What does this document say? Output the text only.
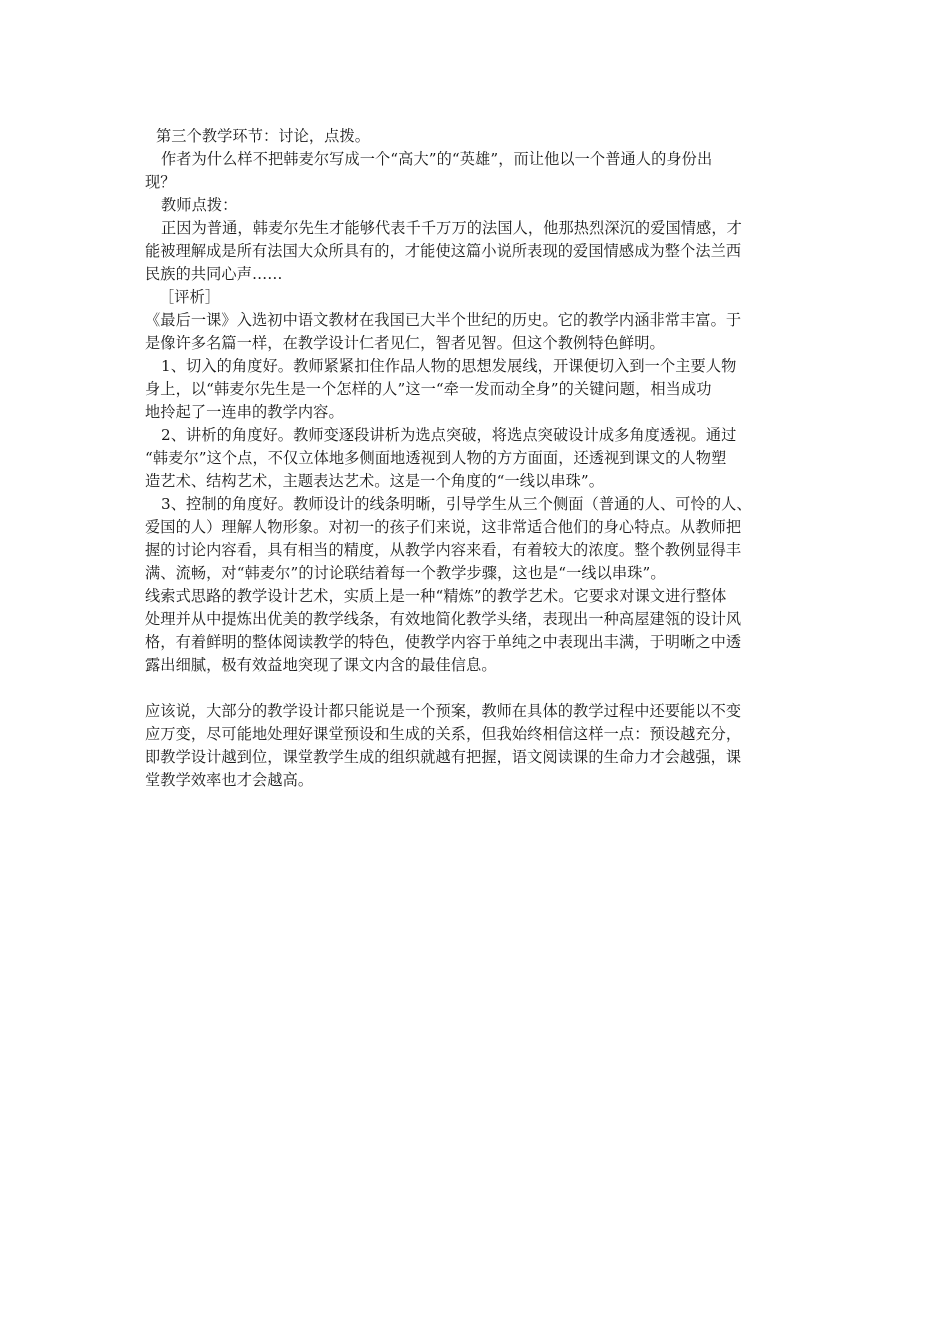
第三个教学环节：讨论，点拨。
作者为什么样不把韩麦尔写成一个“高大”的“英雄”，而让他以一个普通人的身份出
现？
教师点拨：
正因为普通，韩麦尔先生才能够代表千千万万的法国人，他那热烈深沉的爱国情感，才
能被理解成是所有法国大众所具有的，才能使这篇小说所表现的爱国情感成为整个法兰西
民族的共同心声……
［评析］
《最后一课》入选初中语文教材在我国已大半个世纪的历史。它的教学内涵非常丰富。于
是像许多名篇一样，在教学设计仁者见仁，智者见智。但这个教例特色鲜明。
1、切入的角度好。教师紧紧扣住作品人物的思想发展线，开课便切入到一个主要人物
身上，以“韩麦尔先生是一个怎样的人”这一“牵一发而动全身”的关键问题，相当成功
地拎起了一连串的教学内容。
2、讲析的角度好。教师变逐段讲析为选点突破，将选点突破设计成多角度透视。通过
“韩麦尔”这个点，不仅立体地多侧面地透视到人物的方方面面，还透视到课文的人物塑
造艺术、结构艺术，主题表达艺术。这是一个角度的“一线以串珠”。
3、控制的角度好。教师设计的线条明晰，引导学生从三个侧面（普通的人、可怜的人、
爱国的人）理解人物形象。对初一的孩子们来说，这非常适合他们的身心特点。从教师把
握的讨论内容看，具有相当的精度，从教学内容来看，有着较大的浓度。整个教例显得丰
满、流畅，对“韩麦尔”的讨论联结着每一个教学步骤，这也是“一线以串珠”。
线索式思路的教学设计艺术，实质上是一种“精炼”的教学艺术。它要求对课文进行整体
处理并从中提炼出优美的教学线条，有效地简化教学头绪，表现出一种高屋建瓴的设计风
格，有着鲜明的整体阅读教学的特色，使教学内容于单纯之中表现出丰满，于明晰之中透
露出细腻，极有效益地突现了课文内含的最佳信息。
应该说，大部分的教学设计都只能说是一个预案，教师在具体的教学过程中还要能以不变
应万变，尽可能地处理好课堂预设和生成的关系，但我始终相信这样一点：预设越充分，
即教学设计越到位，课堂教学生成的组织就越有把握，语文阅读课的生命力才会越强，课
堂教学效率也才会越高。
